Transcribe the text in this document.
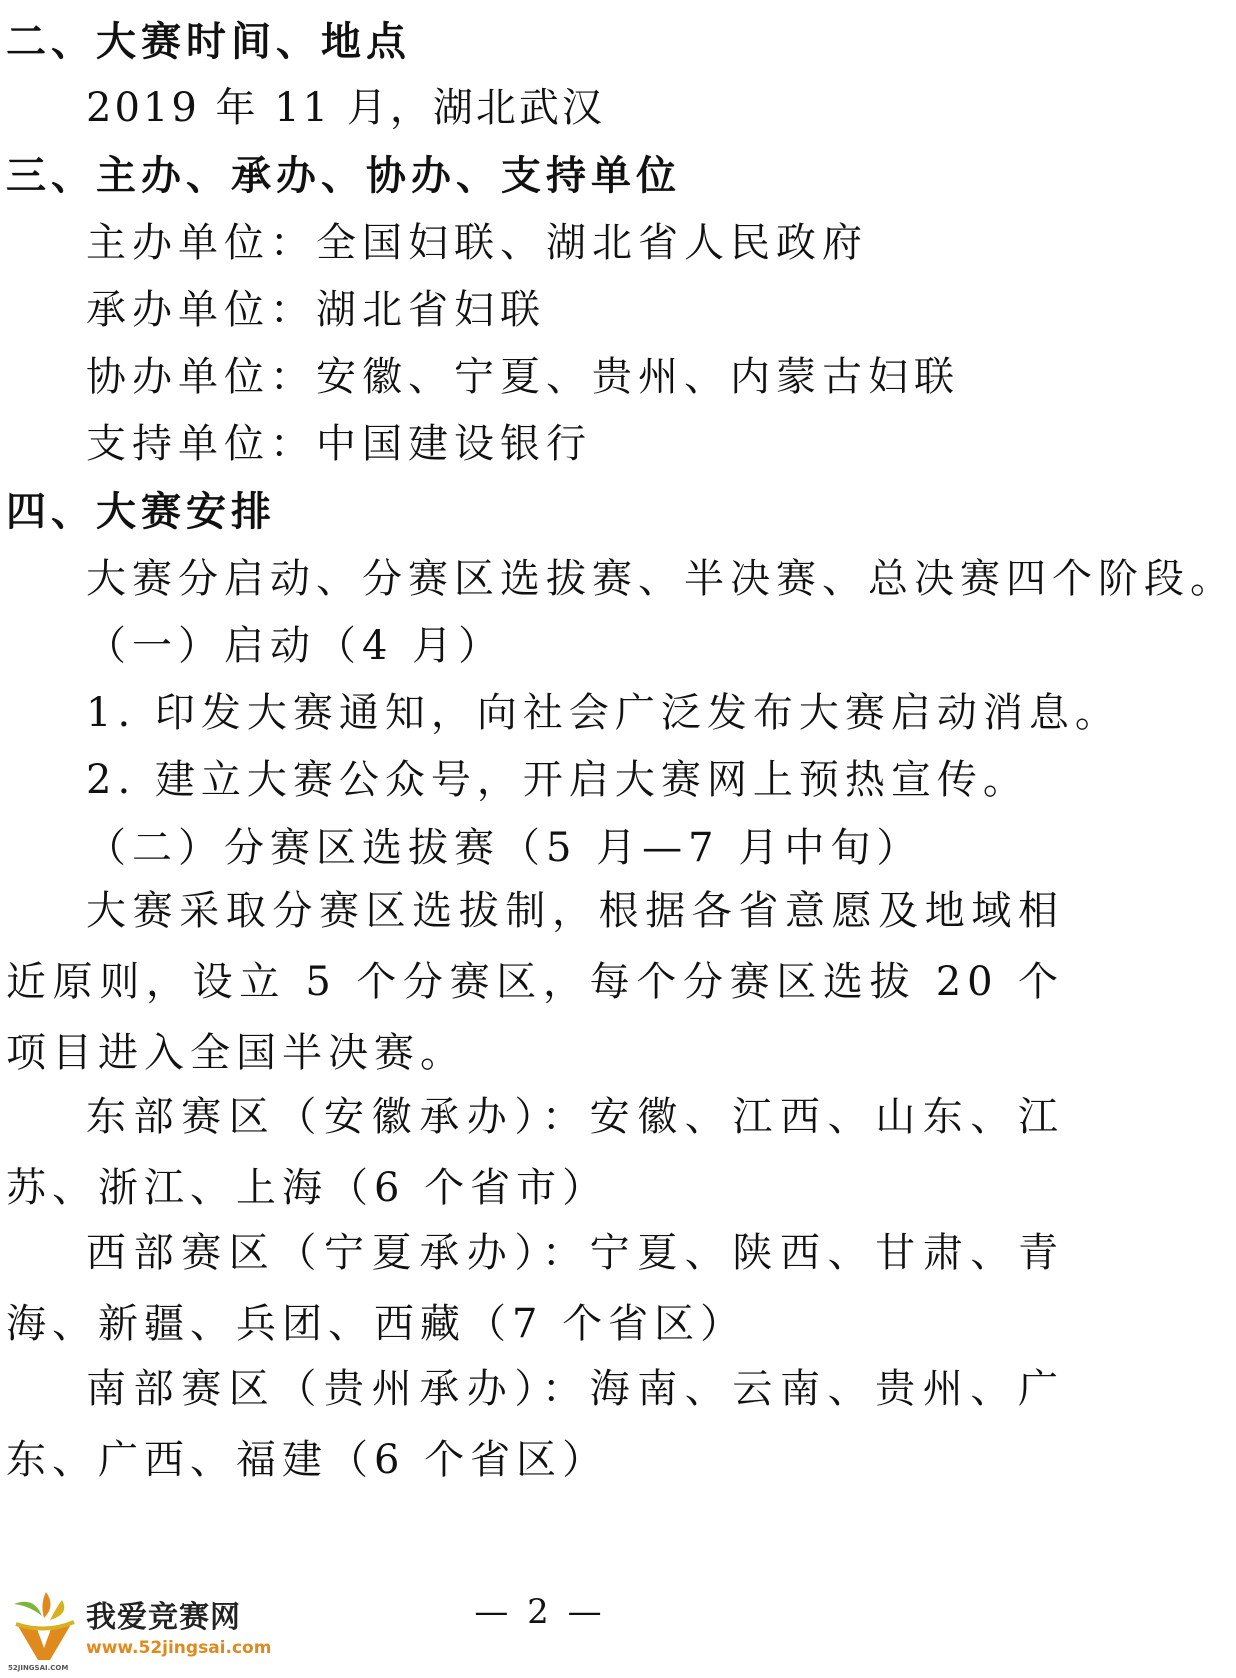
二、大赛时间、地点
2019 年 11 月，湖北武汉
三、主办、承办、协办、支持单位
主办单位：全国妇联、湖北省人民政府
承办单位：湖北省妇联
协办单位：安徽、宁夏、贵州、内蒙古妇联
支持单位：中国建设银行
四、大赛安排
大赛分启动、分赛区选拔赛、半决赛、总决赛四个阶段。
（一）启动（4 月）
1. 印发大赛通知，向社会广泛发布大赛启动消息。
2. 建立大赛公众号，开启大赛网上预热宣传。
（二）分赛区选拔赛（5 月—7 月中旬）
大赛采取分赛区选拔制，根据各省意愿及地域相近原则，设立 5 个分赛区，每个分赛区选拔 20 个项目进入全国半决赛。
东部赛区（安徽承办）：安徽、江西、山东、江苏、浙江、上海（6 个省市）
西部赛区（宁夏承办）：宁夏、陕西、甘肃、青海、新疆、兵团、西藏（7 个省区）
南部赛区（贵州承办）：海南、云南、贵州、广东、广西、福建（6 个省区）
— 2 —
52JINGSAI.COM
我爱竞赛网
www.52jingsai.com
